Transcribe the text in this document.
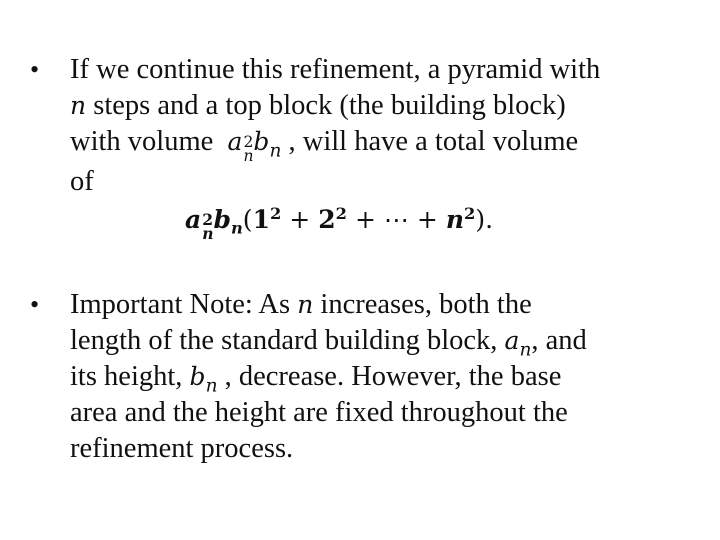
• If we continue this refinement, a pyramid with
n steps and a top block (the building block)
with volume  a 2
n
$b_n$ , will have a total volume
of
a 2
n $b_n(1^2 + 2^2$ + ⋯ + $n^2$).
• Important Note: As n increases, both the
length of the standard building block, $a_n$, and
its height, $b_n$ , decrease. However, the base
area and the height are fixed throughout the
refinement process.
